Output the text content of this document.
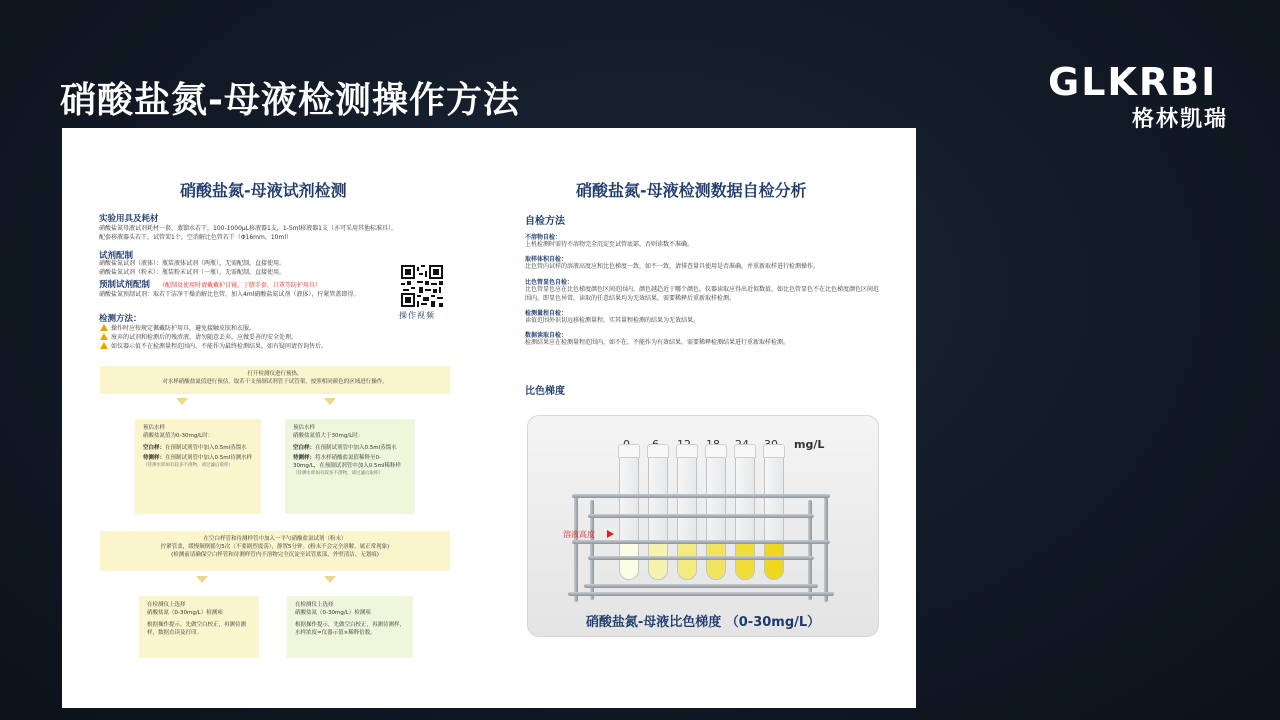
硝酸盐氮-母液检测操作方法	GLKRBI
格林凯瑞
硝酸盐氮-母液试剂检测
实验用具及耗材
硝酸盐氮母液试剂耗材一套、蒸馏水若干，100-1000μL移液器1支，1-5ml移液器1支（亦可采用其他标准具），配套移液器头若干，试管架1个，空消解比色管若干（Φ16mm，10ml）
试剂配制
硝酸盐氮试剂（液体）：瓶装液体试剂（两瓶），无需配制，直接使用。
硝酸盐氮试剂（粉末）：瓶装粉末试剂（一瓶），无需配制，直接使用。
预制试剂配制 （配制及使用时请戴戴护目镜，丁腈手套，口罩等防护用具）
硝酸盐氮预制试剂：取若干洁净干燥消解比色管，加入4ml硝酸盐氮试剂（液体），拧紧管盖即得。
操作视频
检测方法：
操作时应按规定佩戴防护用具，避免接触皮肤和衣服。
废弃的试剂和检测后的残渣液，请勿随意丢弃，应做妥善的安全处理。
如仪器示值不在检测量程范围内，不能作为最终检测结果。如有疑问请咨询售后。
打开检测仪进行预热，
对水样硝酸盐氮值进行预估，取若干支预制试剂管于试管架，按照相同颜色的区域进行操作。
预估水样
硝酸盐氮值为0-30mg/L时：
空白样：在预制试剂管中加入0.5ml蒸馏水
待测样：在预制试剂管中加入0.5ml待测水样
（待测水样如有较多不溶物，请过滤后取样）
预估水样
硝酸盐氮值大于30mg/L时：
空白样：在预制试剂管中加入0.5ml蒸馏水
待测样：将水样硝酸盐氮值稀释至0-30mg/L，在预制试剂管中加入0.5ml稀释样
（待测水样如有较多不溶物，请过滤后取样）
在空白样管和待测样管中加入一平勺硝酸盐氮试剂（粉末）
拧紧管盖，缓慢颠倒摇匀5次（不要剧烈震荡），静置5分钟。(粉末不会完全溶解，属正常现象)
(检测前请确保空白样管和待测样管内不溶物完全沉淀至试管底部，外壁清洁、无划痕)
在检测仪上选择
硝酸盐氮（0-30mg/L）检测项
根据操作提示，先做空白校正，再测待测样，数据直读及打印。
在检测仪上选择
硝酸盐氮（0-30mg/L）检测项
根据操作提示，先做空白校正，再测待测样，水样浓度=仪器示值×稀释倍数。
硝酸盐氮-母液检测数据自检分析
自检方法
不溶物自检：
上机检测时需待不溶物完全沉淀至试管底部，否则读数不准确。
取样体积自检：
比色管内试样的溶液高度应和比色梯度一致，如不一致，请排查量具使用是否准确，并重新取样进行检测操作。
比色管显色自检：
比色管显色应在比色梯度颜色区间范围内，颜色越趋近于哪个颜色，仪器读取应得出近似数值。如比色管显色不在比色梯度颜色区间范围内，即显色异常，读取的任意结果均为无效结果，需要稀释后重新取样检测。
检测量程自检：
读值范围外识切远移检测量程，实其量程检测的结果为无效结果。
数据读取自检：
检测结果应在检测量程范围内，如不在，不能作为有效结果，需要稀释检测结果进行重新取样检测。
比色梯度
mg/L
溶液高度
硝酸盐氮-母液比色梯度 （0-30mg/L）
